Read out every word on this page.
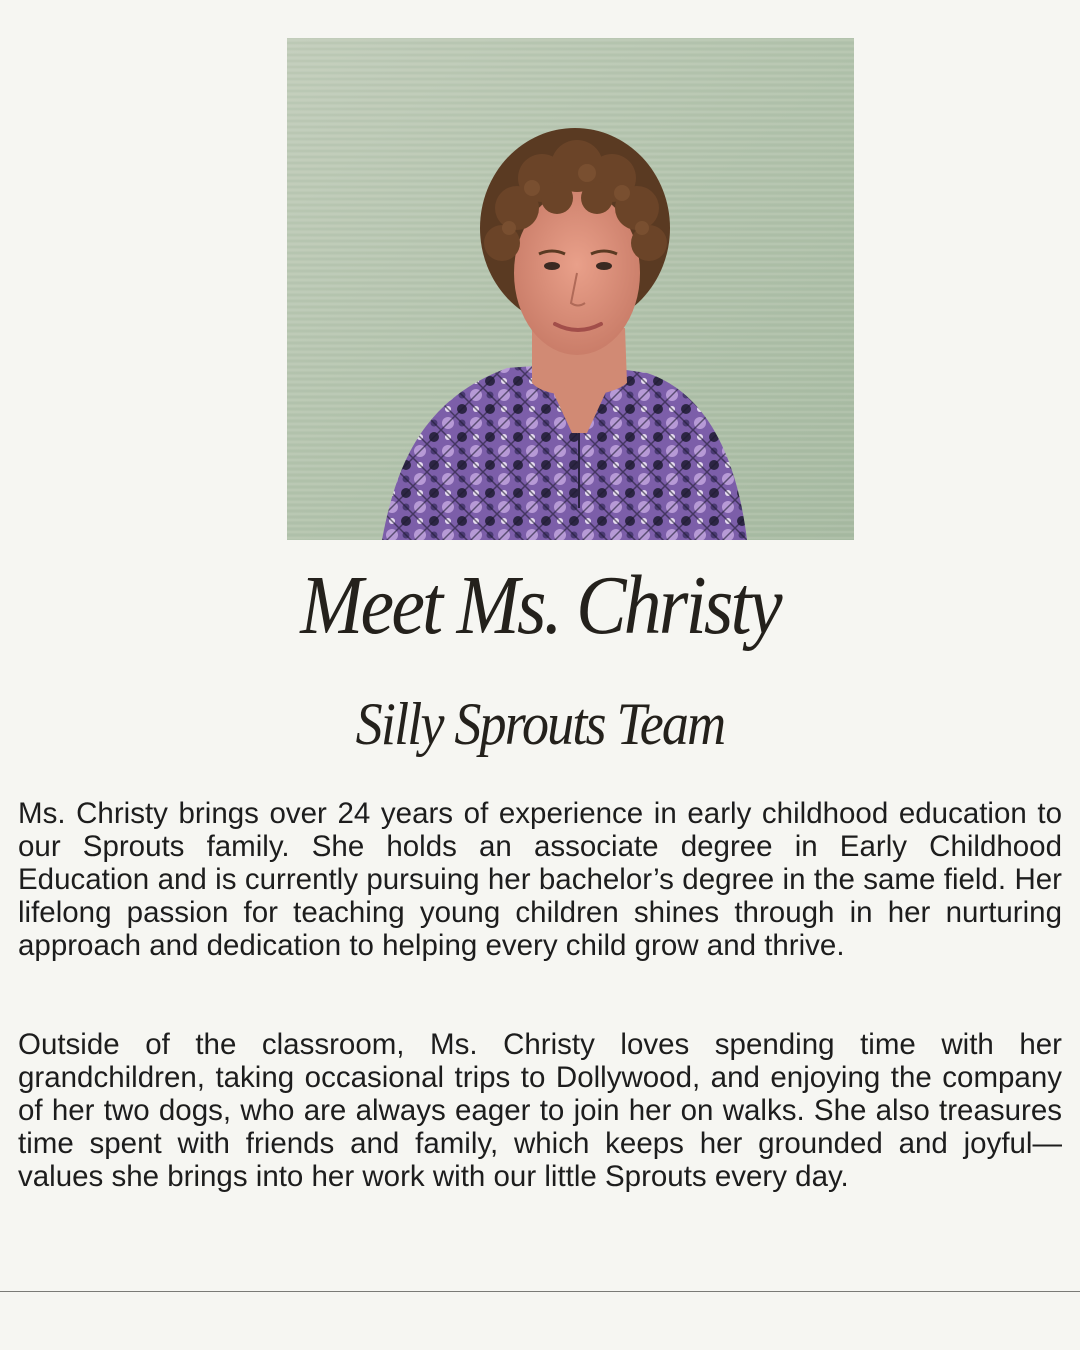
Meet Ms. Christy
Silly Sprouts Team

Ms. Christy brings over 24 years of experience in early childhood education to our Sprouts family. She holds an associate degree in Early Childhood Education and is currently pursuing her bachelor’s degree in the same field. Her lifelong passion for teaching young children shines through in her nurturing approach and dedication to helping every child grow and thrive.

Outside of the classroom, Ms. Christy loves spending time with her grandchildren, taking occasional trips to Dollywood, and enjoying the company of her two dogs, who are always eager to join her on walks. She also treasures time spent with friends and family, which keeps her grounded and joyful—values she brings into her work with our little Sprouts every day.
